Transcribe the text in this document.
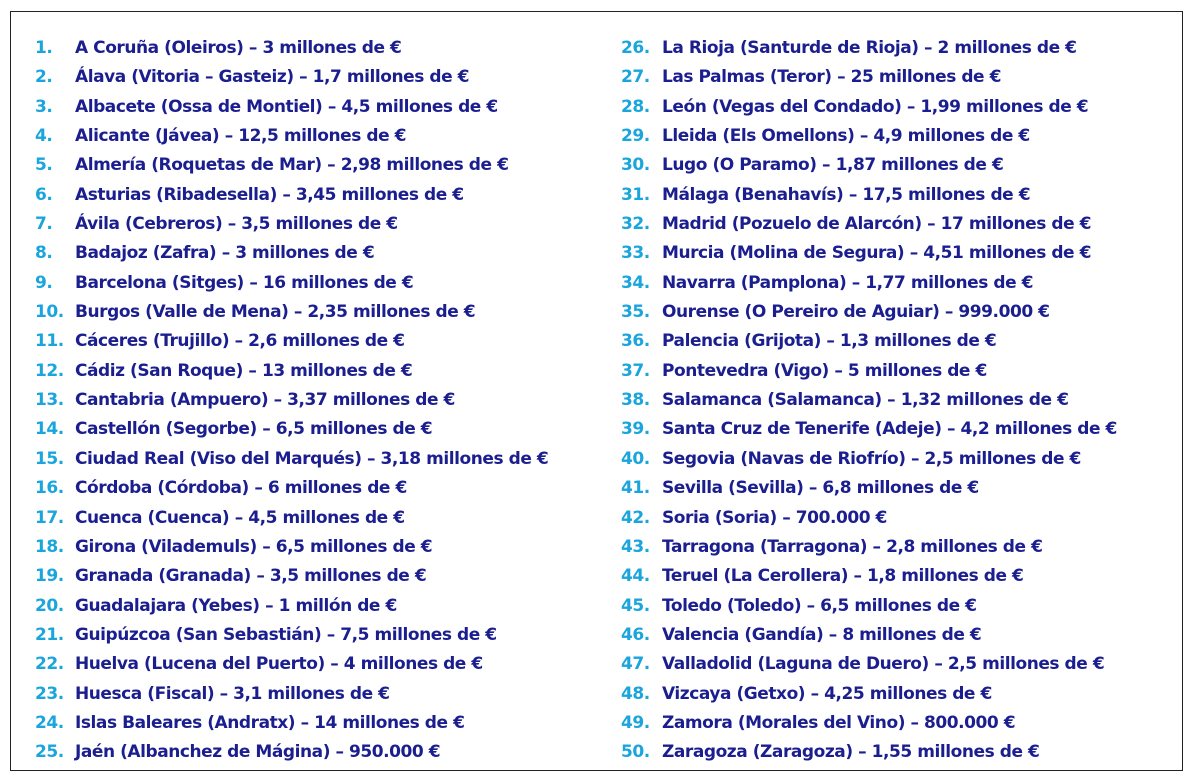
1. A Coruña (Oleiros) – 3 millones de €
2. Álava (Vitoria – Gasteiz) – 1,7 millones de €
3. Albacete (Ossa de Montiel) – 4,5 millones de €
4. Alicante (Jávea) – 12,5 millones de €
5. Almería (Roquetas de Mar) – 2,98 millones de €
6. Asturias (Ribadesella) – 3,45 millones de €
7. Ávila (Cebreros) – 3,5 millones de €
8. Badajoz (Zafra) – 3 millones de €
9. Barcelona (Sitges) – 16 millones de €
10. Burgos (Valle de Mena) – 2,35 millones de €
11. Cáceres (Trujillo) – 2,6 millones de €
12. Cádiz (San Roque) – 13 millones de €
13. Cantabria (Ampuero) – 3,37 millones de €
14. Castellón (Segorbe) – 6,5 millones de €
15. Ciudad Real (Viso del Marqués) – 3,18 millones de €
16. Córdoba (Córdoba) – 6 millones de €
17. Cuenca (Cuenca) – 4,5 millones de €
18. Girona (Vilademuls) – 6,5 millones de €
19. Granada (Granada) – 3,5 millones de €
20. Guadalajara (Yebes) – 1 millón de €
21. Guipúzcoa (San Sebastián) – 7,5 millones de €
22. Huelva (Lucena del Puerto) – 4 millones de €
23. Huesca (Fiscal) – 3,1 millones de €
24. Islas Baleares (Andratx) – 14 millones de €
25. Jaén (Albanchez de Mágina) – 950.000 €
26. La Rioja (Santurde de Rioja) – 2 millones de €
27. Las Palmas (Teror) – 25 millones de €
28. León (Vegas del Condado) – 1,99 millones de €
29. Lleida (Els Omellons) – 4,9 millones de €
30. Lugo (O Paramo) – 1,87 millones de €
31. Málaga (Benahavís) – 17,5 millones de €
32. Madrid (Pozuelo de Alarcón) – 17 millones de €
33. Murcia (Molina de Segura) – 4,51 millones de €
34. Navarra (Pamplona) – 1,77 millones de €
35. Ourense (O Pereiro de Aguiar) – 999.000 €
36. Palencia (Grijota) – 1,3 millones de €
37. Pontevedra (Vigo) – 5 millones de €
38. Salamanca (Salamanca) – 1,32 millones de €
39. Santa Cruz de Tenerife (Adeje) – 4,2 millones de €
40. Segovia (Navas de Riofrío) – 2,5 millones de €
41. Sevilla (Sevilla) – 6,8 millones de €
42. Soria (Soria) – 700.000 €
43. Tarragona (Tarragona) – 2,8 millones de €
44. Teruel (La Cerollera) – 1,8 millones de €
45. Toledo (Toledo) – 6,5 millones de €
46. Valencia (Gandía) – 8 millones de €
47. Valladolid (Laguna de Duero) – 2,5 millones de €
48. Vizcaya (Getxo) – 4,25 millones de €
49. Zamora (Morales del Vino) – 800.000 €
50. Zaragoza (Zaragoza) – 1,55 millones de €
